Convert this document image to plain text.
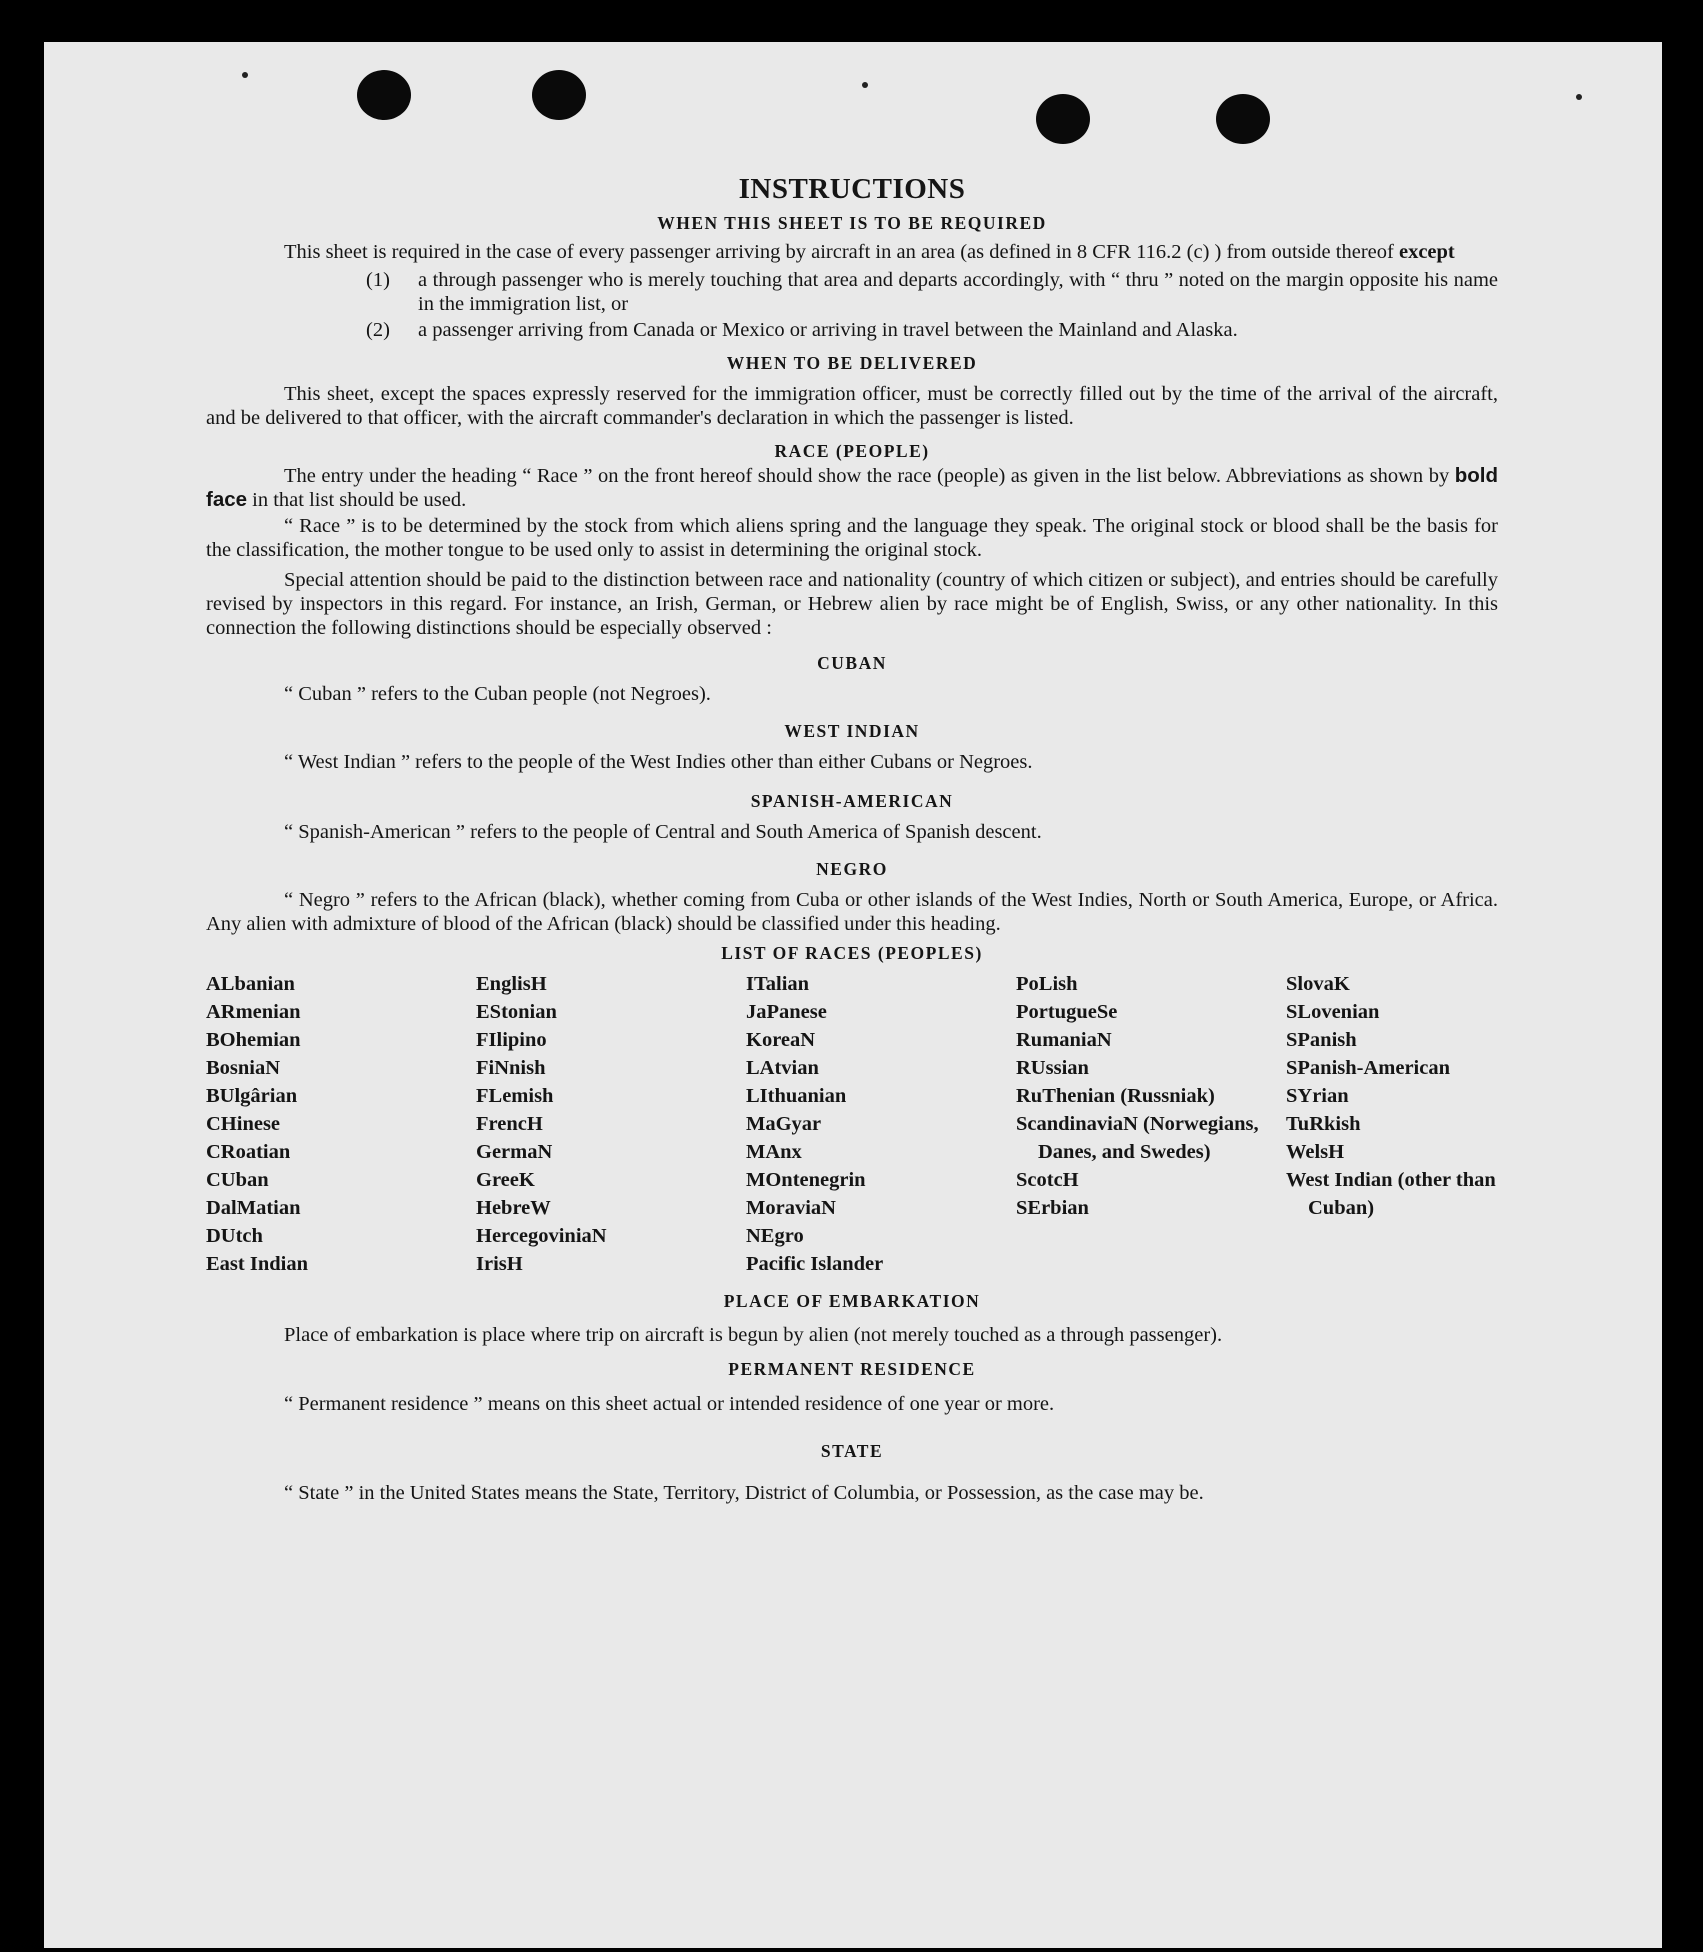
INSTRUCTIONS
WHEN THIS SHEET IS TO BE REQUIRED

This sheet is required in the case of every passenger arriving by aircraft in an area (as defined in 8 CFR 116.2 (c) ) from outside thereof except

(1)	a through passenger who is merely touching that area and departs accordingly, with “ thru ” noted on the margin opposite his name in the immigration list, or
(2)	a passenger arriving from Canada or Mexico or arriving in travel between the Mainland and Alaska.
WHEN TO BE DELIVERED

This sheet, except the spaces expressly reserved for the immigration officer, must be correctly filled out by the time of the arrival of the aircraft, and be delivered to that officer, with the aircraft commander's declaration in which the passenger is listed.

RACE (PEOPLE)

The entry under the heading “ Race ” on the front hereof should show the race (people) as given in the list below. Abbreviations as shown by bold face in that list should be used.

“ Race ” is to be determined by the stock from which aliens spring and the language they speak. The original stock or blood shall be the basis for the classification, the mother tongue to be used only to assist in determining the original stock.

Special attention should be paid to the distinction between race and nationality (country of which citizen or subject), and entries should be carefully revised by inspectors in this regard. For instance, an Irish, German, or Hebrew alien by race might be of English, Swiss, or any other nationality. In this connection the following distinctions should be especially observed :

CUBAN

“ Cuban ” refers to the Cuban people (not Negroes).

WEST INDIAN

“ West Indian ” refers to the people of the West Indies other than either Cubans or Negroes.

SPANISH-AMERICAN

“ Spanish-American ” refers to the people of Central and South America of Spanish descent.

NEGRO

“ Negro ” refers to the African (black), whether coming from Cuba or other islands of the West Indies, North or South America, Europe, or Africa. Any alien with admixture of blood of the African (black) should be classified under this heading.

LIST OF RACES (PEOPLES)
ALbanian
ARmenian
BOhemian
BosniaN
BUlgârian
CHinese
CRoatian
CUban
DalMatian
DUtch
East Indian
EnglisH
EStonian
FIlipino
FiNnish
FLemish
FrencH
GermaN
GreeK
HebreW
HercegoviniaN
IrisH
ITalian
JaPanese
KoreaN
LAtvian
LIthuanian
MaGyar
MAnx
MOntenegrin
MoraviaN
NEgro
Pacific Islander
PoLish
PortugueSe
RumaniaN
RUssian
RuThenian (Russniak)
ScandinaviaN (Norwegians, Danes, and Swedes)
ScotcH
SErbian
SlovaK
SLovenian
SPanish
SPanish-American
SYrian
TuRkish
WelsH
West Indian (other than Cuban)
PLACE OF EMBARKATION

Place of embarkation is place where trip on aircraft is begun by alien (not merely touched as a through passenger).

PERMANENT RESIDENCE

“ Permanent residence ” means on this sheet actual or intended residence of one year or more.

STATE

“ State ” in the United States means the State, Territory, District of Columbia, or Possession, as the case may be.
